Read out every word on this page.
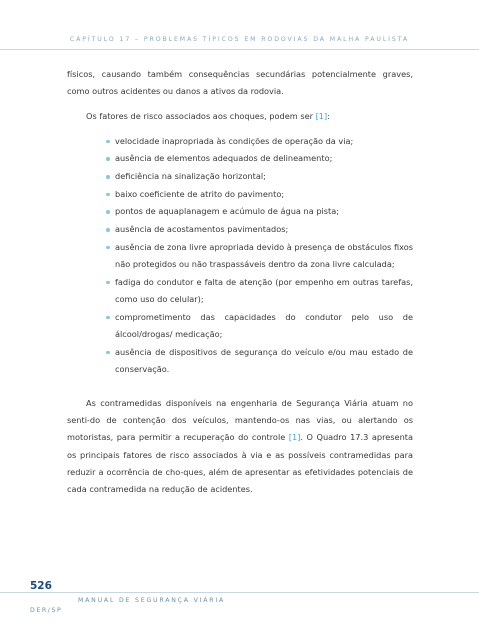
CAPÍTULO 17 – PROBLEMAS TÍPICOS EM RODOVIAS DA MALHA PAULISTA

físicos, causando também consequências secundárias potencialmente graves, como outros acidentes ou danos a ativos da rodovia.

Os fatores de risco associados aos choques, podem ser [1]:

velocidade inapropriada às condições de operação da via;
ausência de elementos adequados de delineamento;
deficiência na sinalização horizontal;
baixo coeficiente de atrito do pavimento;
pontos de aquaplanagem e acúmulo de água na pista;
ausência de acostamentos pavimentados;
ausência de zona livre apropriada devido à presença de obstáculos fixos não protegidos ou não traspassáveis dentro da zona livre calculada;
fadiga do condutor e falta de atenção (por empenho em outras tarefas, como uso do celular);
comprometimento das capacidades do condutor pelo uso de álcool/drogas/ medicação;
ausência de dispositivos de segurança do veículo e/ou mau estado de conservação.

As contramedidas disponíveis na engenharia de Segurança Viária atuam no senti-do de contenção dos veículos, mantendo-os nas vias, ou alertando os motoristas, para permitir a recuperação do controle [1]. O Quadro 17.3 apresenta os principais fatores de risco associados à via e as possíveis contramedidas para reduzir a ocorrência de cho-ques, além de apresentar as efetividades potenciais de cada contramedida na redução de acidentes.

526
MANUAL DE SEGURANÇA VIÁRIA
DER/SP
